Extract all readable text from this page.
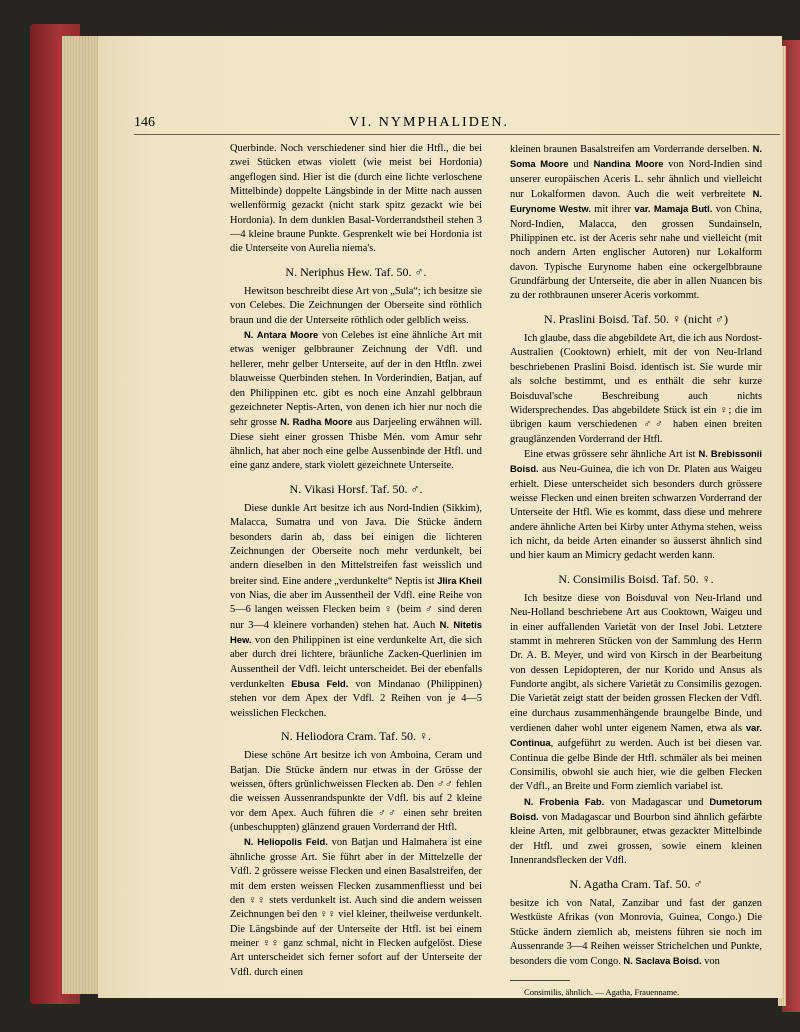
146	VI. NYMPHALIDEN.

Querbinde. Noch verschiedener sind hier die Htfl., die bei zwei Stücken etwas violett (wie meist bei Hordonia) angeflogen sind. Hier ist die (durch eine lichte verloschene Mittelbinde) doppelte Längsbinde in der Mitte nach aussen wellenförmig gezackt (nicht stark spitz gezackt wie bei Hordonia). In dem dunklen Basal-Vorderrandstheil stehen 3—4 kleine braune Punkte. Gesprenkelt wie bei Hordonia ist die Unterseite von Aurelia niema's.

N. Neriphus Hew. Taf. 50. ♂.

Hewitson beschreibt diese Art von „Sula“; ich besitze sie von Celebes. Die Zeichnungen der Oberseite sind röthlich braun und die der Unterseite röthlich oder gelblich weiss.

N. Antara Moore von Celebes ist eine ähnliche Art mit etwas weniger gelbbrauner Zeichnung der Vdfl. und hellerer, mehr gelber Unterseite, auf der in den Htfln. zwei blauweisse Querbinden stehen. In Vorderindien, Batjan, auf den Philippinen etc. gibt es noch eine Anzahl gelbbraun gezeichneter Neptis-Arten, von denen ich hier nur noch die sehr grosse N. Radha Moore aus Darjeeling erwähnen will. Diese sieht einer grossen Thisbe Mén. vom Amur sehr ähnlich, hat aber noch eine gelbe Aussenbinde der Htfl. und eine ganz andere, stark violett gezeichnete Unterseite.

N. Vikasi Horsf. Taf. 50. ♂.

Diese dunkle Art besitze ich aus Nord-Indien (Sikkim), Malacca, Sumatra und von Java. Die Stücke ändern besonders darin ab, dass bei einigen die lichteren Zeichnungen der Oberseite noch mehr verdunkelt, bei andern dieselben in den Mittelstreifen fast weisslich und breiter sind. Eine andere „verdunkelte“ Neptis ist Jlira Kheil von Nias, die aber im Aussentheil der Vdfl. eine Reihe von 5—6 langen weissen Flecken beim ♀ (beim ♂ sind deren nur 3—4 kleinere vorhanden) stehen hat. Auch N. Nitetis Hew. von den Philippinen ist eine verdunkelte Art, die sich aber durch drei lichtere, bräunliche Zacken-Querlinien im Aussentheil der Vdfl. leicht unterscheidet. Bei der ebenfalls verdunkelten Ebusa Feld. von Mindanao (Philippinen) stehen vor dem Apex der Vdfl. 2 Reihen von je 4—5 weisslichen Fleckchen.

N. Heliodora Cram. Taf. 50. ♀.

Diese schöne Art besitze ich von Amboina, Ceram und Batjan. Die Stücke ändern nur etwas in der Grösse der weissen, öfters grünlichweissen Flecken ab. Den ♂♂ fehlen die weissen Aussenrandspunkte der Vdfl. bis auf 2 kleine vor dem Apex. Auch führen die ♂♂ einen sehr breiten (unbeschuppten) glänzend grauen Vorderrand der Htfl.

N. Heliopolis Feld. von Batjan und Halmahera ist eine ähnliche grosse Art. Sie führt aber in der Mittelzelle der Vdfl. 2 grössere weisse Flecken und einen Basalstreifen, der mit dem ersten weissen Flecken zusammenfliesst und bei den ♀♀ stets verdunkelt ist. Auch sind die andern weissen Zeichnungen bei den ♀♀ viel kleiner, theilweise verdunkelt. Die Längsbinde auf der Unterseite der Htfl. ist bei einem meiner ♀♀ ganz schmal, nicht in Flecken aufgelöst. Diese Art unterscheidet sich ferner sofort auf der Unterseite der Vdfl. durch einen

kleinen braunen Basalstreifen am Vorderrande derselben. N. Soma Moore und Nandina Moore von Nord-Indien sind unserer europäischen Aceris L. sehr ähnlich und vielleicht nur Lokalformen davon. Auch die weit verbreitete N. Eurynome Westw. mit ihrer var. Mamaja Butl. von China, Nord-Indien, Malacca, den grossen Sundainseln, Philippinen etc. ist der Aceris sehr nahe und vielleicht (mit noch andern Arten englischer Autoren) nur Lokalform davon. Typische Eurynome haben eine ockergelbbraune Grundfärbung der Unterseite, die aber in allen Nuancen bis zu der rothbraunen unserer Aceris vorkommt.

N. Praslini Boisd. Taf. 50. ♀ (nicht ♂)

Ich glaube, dass die abgebildete Art, die ich aus Nordost-Australien (Cooktown) erhielt, mit der von Neu-Irland beschriebenen Praslini Boisd. identisch ist. Sie wurde mir als solche bestimmt, und es enthält die sehr kurze Boisduval'sche Beschreibung auch nichts Widersprechendes. Das abgebildete Stück ist ein ♀; die im übrigen kaum verschiedenen ♂♂ haben einen breiten grauglänzenden Vorderrand der Htfl.

Eine etwas grössere sehr ähnliche Art ist N. Brebissonii Boisd. aus Neu-Guinea, die ich von Dr. Platen aus Waigeu erhielt. Diese unterscheidet sich besonders durch grössere weisse Flecken und einen breiten schwarzen Vorderrand der Unterseite der Htfl. Wie es kommt, dass diese und mehrere andere ähnliche Arten bei Kirby unter Athyma stehen, weiss ich nicht, da beide Arten einander so äusserst ähnlich sind und hier kaum an Mimicry gedacht werden kann.

N. Consimilis Boisd. Taf. 50. ♀.

Ich besitze diese von Boisduval von Neu-Irland und Neu-Holland beschriebene Art aus Cooktown, Waigeu und in einer auffallenden Varietät von der Insel Jobi. Letztere stammt in mehreren Stücken von der Sammlung des Herrn Dr. A. B. Meyer, und wird von Kirsch in der Bearbeitung von dessen Lepidopteren, der nur Korido und Ansus als Fundorte angibt, als sichere Varietät zu Consimilis gezogen. Die Varietät zeigt statt der beiden grossen Flecken der Vdfl. eine durchaus zusammenhängende braungelbe Binde, und verdienen daher wohl unter eigenem Namen, etwa als var. Continua, aufgeführt zu werden. Auch ist bei diesen var. Continua die gelbe Binde der Htfl. schmäler als bei meinen Consimilis, obwohl sie auch hier, wie die gelben Flecken der Vdfl., an Breite und Form ziemlich variabel ist.

N. Frobenia Fab. von Madagascar und Dumetorum Boisd. von Madagascar und Bourbon sind ähnlich gefärbte kleine Arten, mit gelbbrauner, etwas gezackter Mittelbinde der Htfl. und zwei grossen, sowie einem kleinen Innenrandsflecken der Vdfl.

N. Agatha Cram. Taf. 50. ♂

besitze ich von Natal, Zanzibar und fast der ganzen Westküste Afrikas (von Monrovia, Guinea, Congo.) Die Stücke ändern ziemlich ab, meistens führen sie noch im Aussenrande 3—4 Reihen weisser Strichelchen und Punkte, besonders die vom Congo. N. Saclava Boisd. von

Consimilis, ähnlich. — Agatha, Frauenname.
